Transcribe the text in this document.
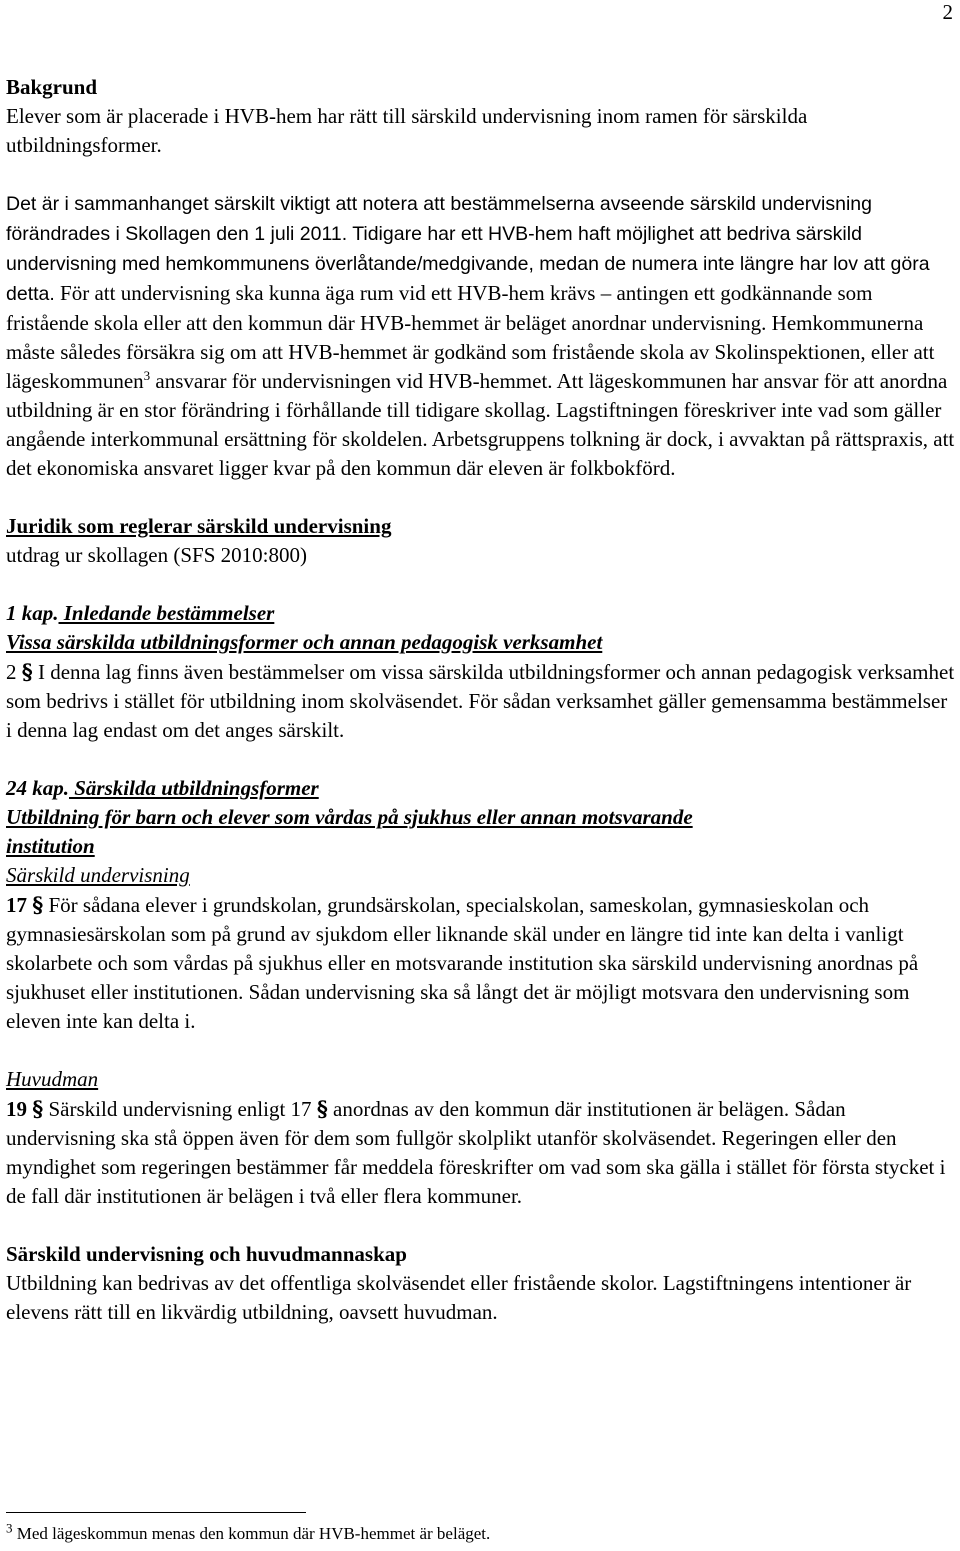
2

Bakgrund

Elever som är placerade i HVB-hem har rätt till särskild undervisning inom ramen för särskilda utbildningsformer.

Det är i sammanhanget särskilt viktigt att notera att bestämmelserna avseende särskild undervisning förändrades i Skollagen den 1 juli 2011. Tidigare har ett HVB-hem haft möjlighet att bedriva särskild undervisning med hemkommunens överlåtande/medgivande, medan de numera inte längre har lov att göra detta. För att undervisning ska kunna äga rum vid ett HVB-hem krävs – antingen ett godkännande som fristående skola eller att den kommun där HVB-hemmet är beläget anordnar undervisning. Hemkommunerna måste således försäkra sig om att HVB-hemmet är godkänd som fristående skola av Skolinspektionen, eller att lägeskommunen$^3$ ansvarar för undervisningen vid HVB-hemmet. Att lägeskommunen har ansvar för att anordna utbildning är en stor förändring i förhållande till tidigare skollag. Lagstiftningen föreskriver inte vad som gäller angående interkommunal ersättning för skoldelen. Arbetsgruppens tolkning är dock, i avvaktan på rättspraxis, att det ekonomiska ansvaret ligger kvar på den kommun där eleven är folkbokförd.

Juridik som reglerar särskild undervisning

utdrag ur skollagen (SFS 2010:800)

1 kap. Inledande bestämmelser

Vissa särskilda utbildningsformer och annan pedagogisk verksamhet

2 § I denna lag finns även bestämmelser om vissa särskilda utbildningsformer och annan pedagogisk verksamhet som bedrivs i stället för utbildning inom skolväsendet. För sådan verksamhet gäller gemensamma bestämmelser i denna lag endast om det anges särskilt.

24 kap. Särskilda utbildningsformer

Utbildning för barn och elever som vårdas på sjukhus eller annan motsvarande institution

Särskild undervisning

17 § För sådana elever i grundskolan, grundsärskolan, specialskolan, sameskolan, gymnasieskolan och gymnasiesärskolan som på grund av sjukdom eller liknande skäl under en längre tid inte kan delta i vanligt skolarbete och som vårdas på sjukhus eller en motsvarande institution ska särskild undervisning anordnas på sjukhuset eller institutionen. Sådan undervisning ska så långt det är möjligt motsvara den undervisning som eleven inte kan delta i.

Huvudman

19 § Särskild undervisning enligt 17 § anordnas av den kommun där institutionen är belägen. Sådan undervisning ska stå öppen även för dem som fullgör skolplikt utanför skolväsendet. Regeringen eller den myndighet som regeringen bestämmer får meddela föreskrifter om vad som ska gälla i stället för första stycket i de fall där institutionen är belägen i två eller flera kommuner.

Särskild undervisning och huvudmannaskap

Utbildning kan bedrivas av det offentliga skolväsendet eller fristående skolor. Lagstiftningens intentioner är elevens rätt till en likvärdig utbildning, oavsett huvudman.

$^3$ Med lägeskommun menas den kommun där HVB-hemmet är beläget.
